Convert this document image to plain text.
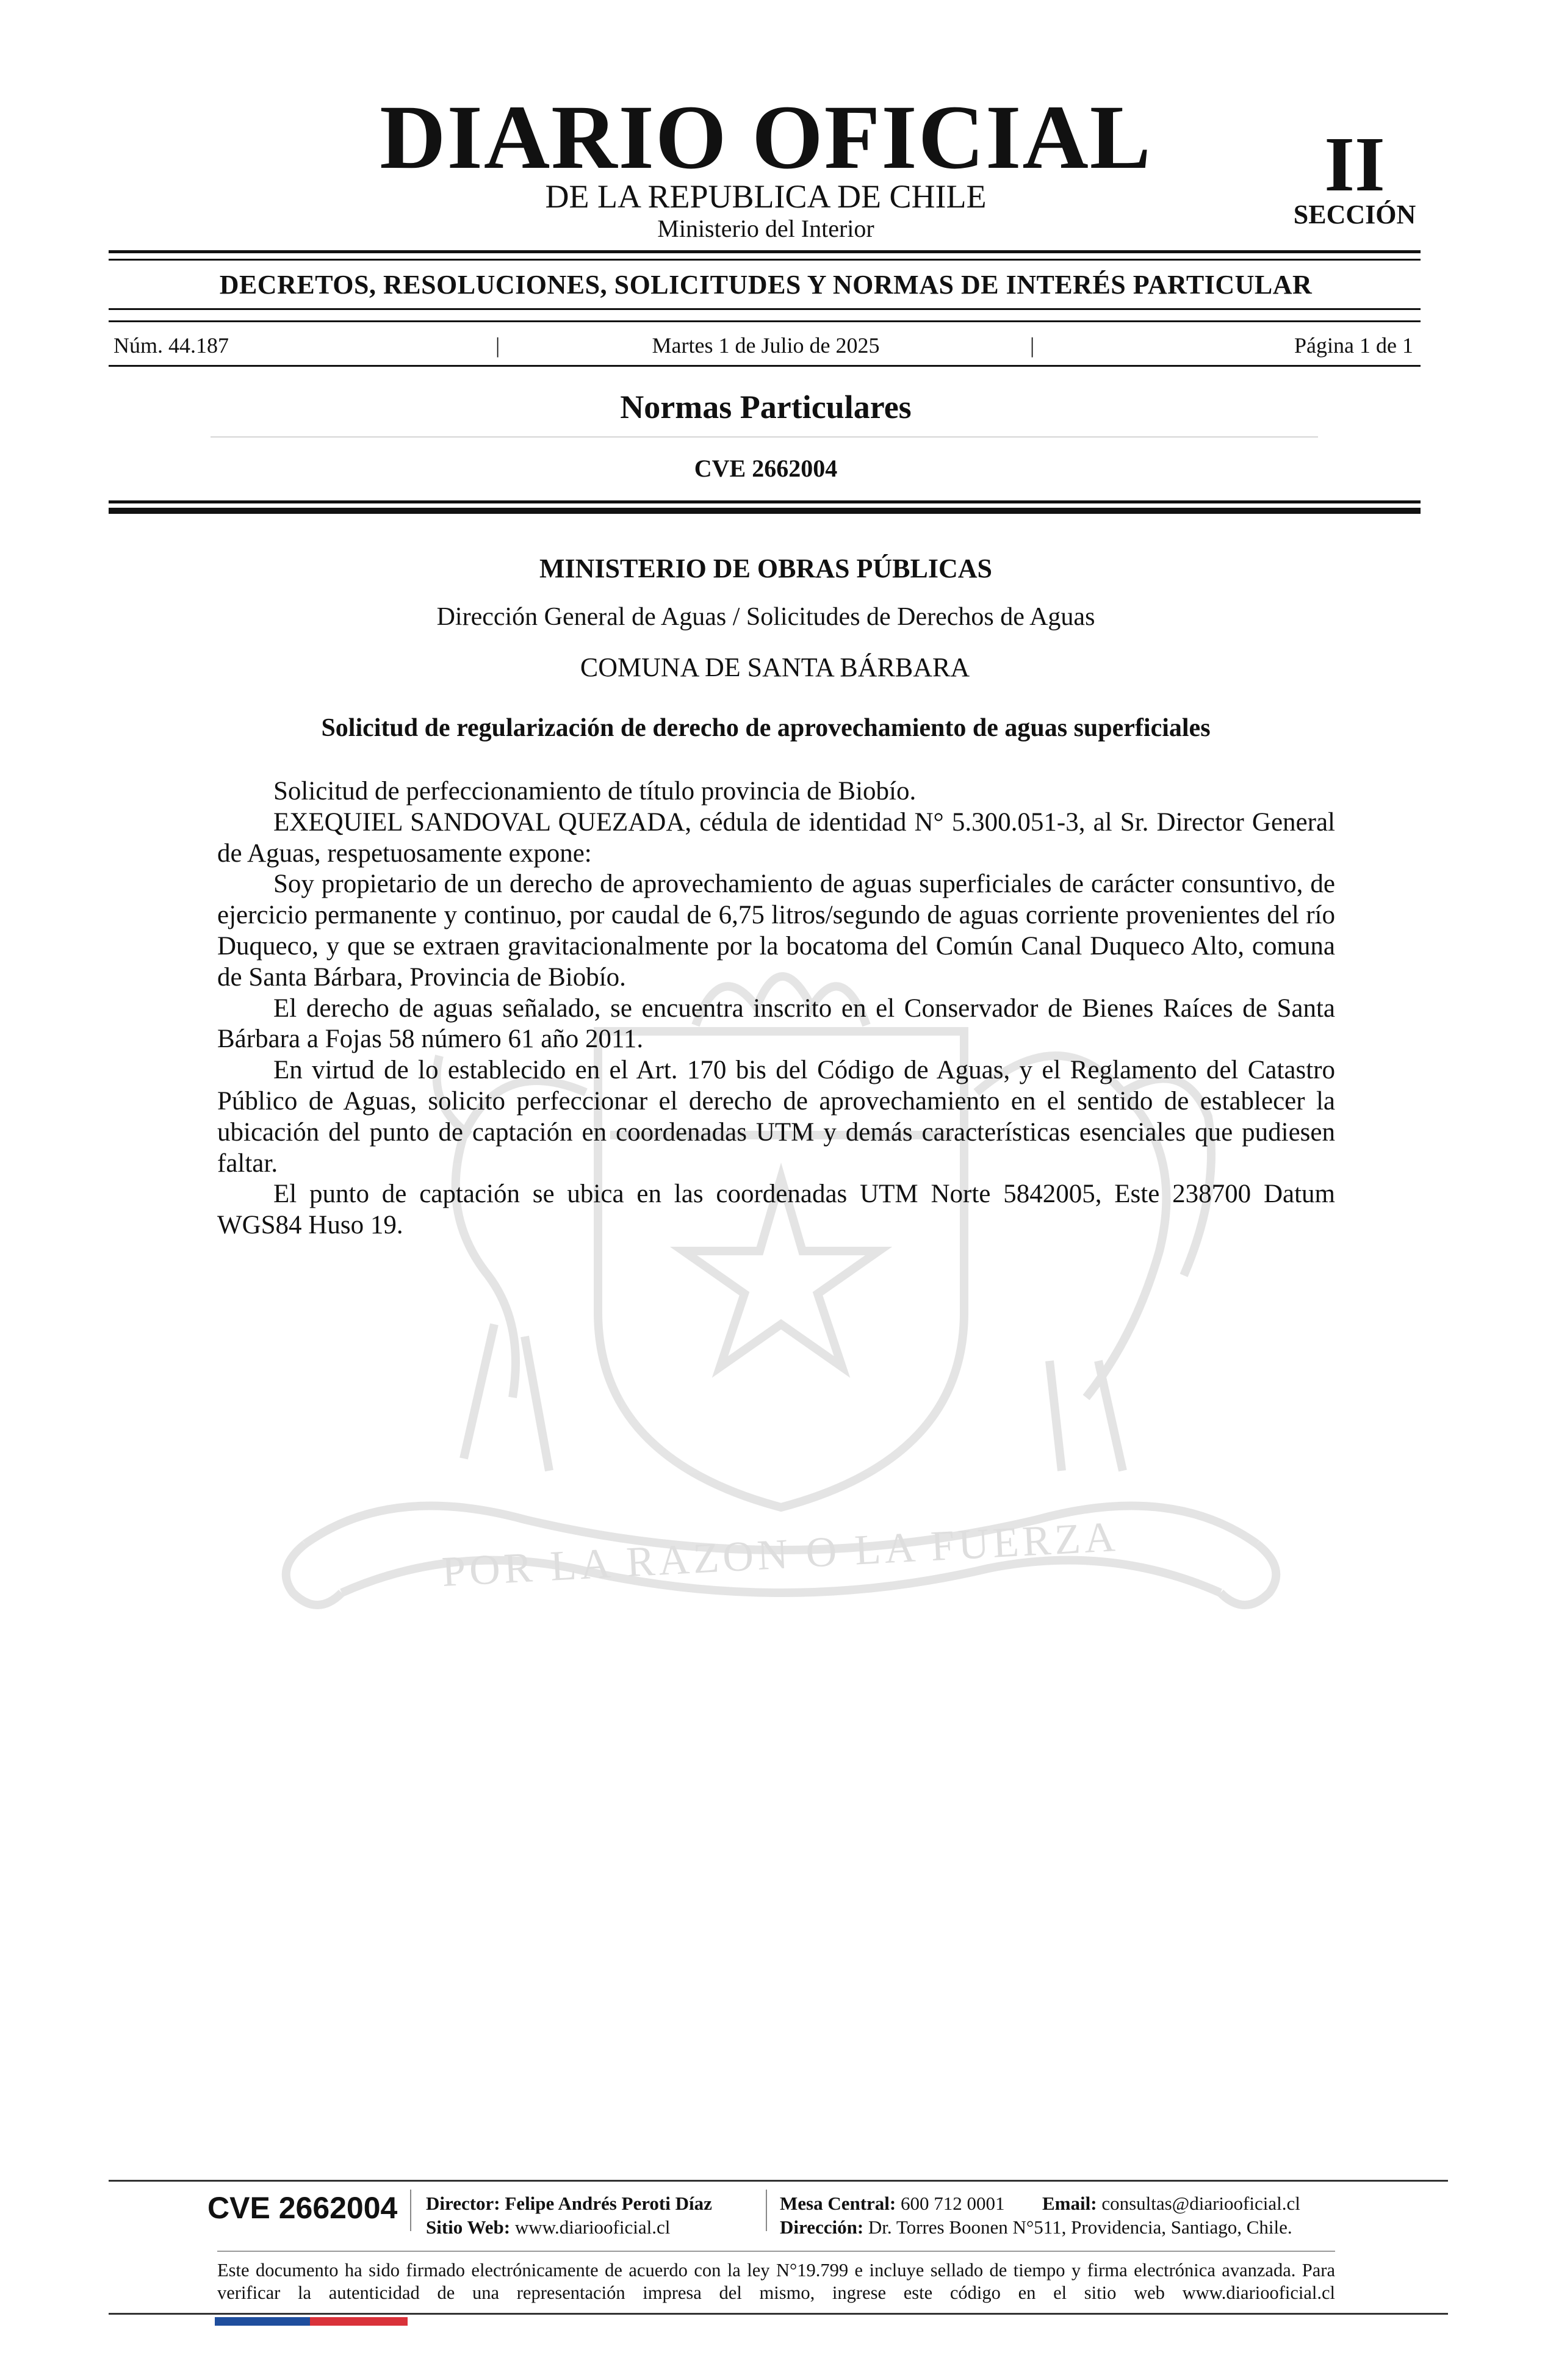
POR LA RAZON O LA FUERZA
DIARIO OFICIAL
DE LA REPUBLICA DE CHILE
Ministerio del Interior
II
SECCIÓN
DECRETOS, RESOLUCIONES, SOLICITUDES Y NORMAS DE INTERÉS PARTICULAR
Núm. 44.187	|	Martes 1 de Julio de 2025	|	Página 1 de 1
Normas Particulares
CVE 2662004
MINISTERIO DE OBRAS PÚBLICAS
Dirección General de Aguas / Solicitudes de Derechos de Aguas
COMUNA DE SANTA BÁRBARA
Solicitud de regularización de derecho de aprovechamiento de aguas superficiales

Solicitud de perfeccionamiento de título provincia de Biobío.

EXEQUIEL SANDOVAL QUEZADA, cédula de identidad N° 5.300.051-3, al Sr. Director General de Aguas, respetuosamente expone:

Soy propietario de un derecho de aprovechamiento de aguas superficiales de carácter consuntivo, de ejercicio permanente y continuo, por caudal de 6,75 litros/segundo de aguas corriente provenientes del río Duqueco, y que se extraen gravitacionalmente por la bocatoma del Común Canal Duqueco Alto, comuna de Santa Bárbara, Provincia de Biobío.

El derecho de aguas señalado, se encuentra inscrito en el Conservador de Bienes Raíces de Santa Bárbara a Fojas 58 número 61 año 2011.

En virtud de lo establecido en el Art. 170 bis del Código de Aguas, y el Reglamento del Catastro Público de Aguas, solicito perfeccionar el derecho de aprovechamiento en el sentido de establecer la ubicación del punto de captación en coordenadas UTM y demás características esenciales que pudiesen faltar.

El punto de captación se ubica en las coordenadas UTM Norte 5842005, Este 238700 Datum WGS84 Huso 19.

CVE 2662004 Director: Felipe Andrés Peroti Díaz
Sitio Web: www.diariooficial.cl
Mesa Central: 600 712 0001 Email: consultas@diariooficial.cl
Dirección: Dr. Torres Boonen N°511, Providencia, Santiago, Chile.
Este documento ha sido firmado electrónicamente de acuerdo con la ley N°19.799 e incluye sellado de tiempo y firma electrónica avanzada. Para verificar la autenticidad de una representación impresa del mismo, ingrese este código en el sitio web www.diariooficial.cl
